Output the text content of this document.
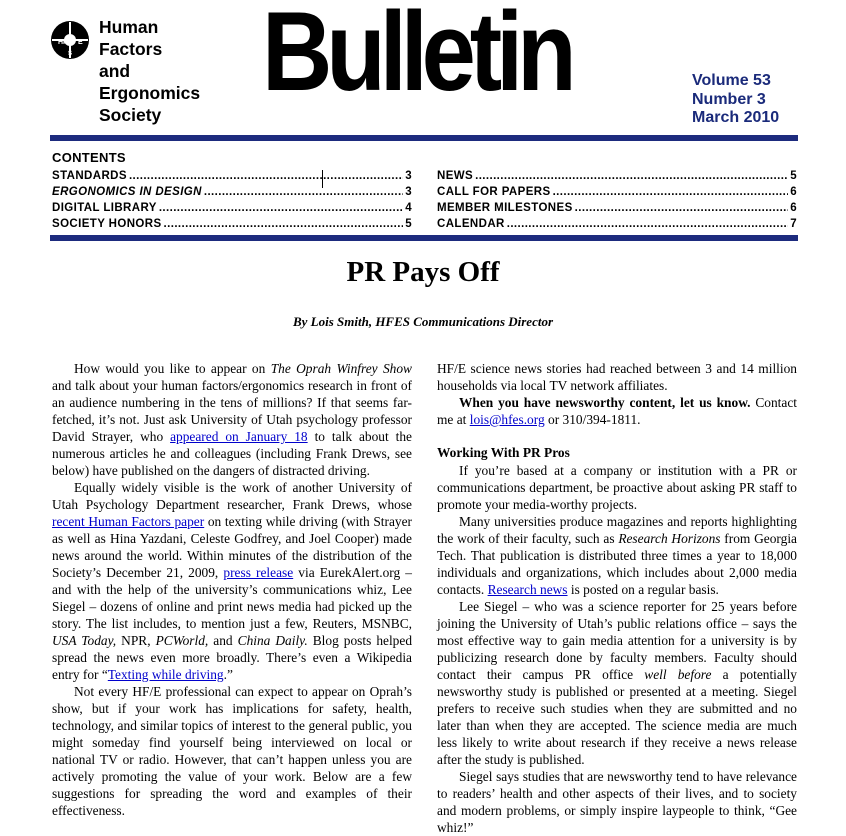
HF E
S
Human
Factors
and
Ergonomics
Society
Bulletin	Volume 53
Number 3
March 2010
CONTENTS
STANDARDS .....	3
ERGONOMICS IN DESIGN .....	3
DIGITAL LIBRARY .....	4
SOCIETY HONORS .....	5
NEWS .....	5
CALL FOR PAPERS .....	6
MEMBER MILESTONES .....	6
CALENDAR .....	7
PR Pays Off
By Lois Smith, HFES Communications Director

How would you like to appear on The Oprah Winfrey Show and talk about your human factors/ergonomics research in front of an audience numbering in the tens of millions? If that seems far-fetched, it’s not. Just ask University of Utah psychology professor David Strayer, who appeared on January 18 to talk about the numerous articles he and colleagues (including Frank Drews, see below) have published on the dangers of distracted driving.

Equally widely visible is the work of another University of Utah Psychology Department researcher, Frank Drews, whose recent Human Factors paper on texting while driving (with Strayer as well as Hina Yazdani, Celeste Godfrey, and Joel Cooper) made news around the world. Within minutes of the distribution of the Society’s December 21, 2009, press release via EurekAlert.org – and with the help of the university’s communications whiz, Lee Siegel – dozens of online and print news media had picked up the story. The list includes, to mention just a few, Reuters, MSNBC, USA Today, NPR, PCWorld, and China Daily. Blog posts helped spread the news even more broadly. There’s even a Wikipedia entry for “Texting while driving.”

Not every HF/E professional can expect to appear on Oprah’s show, but if your work has implications for safety, health, technology, and similar topics of interest to the general public, you might someday find yourself being interviewed on local or national TV or radio. However, that can’t happen unless you are actively promoting the value of your work. Below are a few suggestions for spreading the word and examples of their effectiveness.

HF/E science news stories had reached between 3 and 14 million households via local TV network affiliates.

When you have newsworthy content, let us know. Contact me at lois@hfes.org or 310/394-1811.

Working With PR Pros

If you’re based at a company or institution with a PR or communications department, be proactive about asking PR staff to promote your media-worthy projects.

Many universities produce magazines and reports highlighting the work of their faculty, such as Research Horizons from Georgia Tech. That publication is distributed three times a year to 18,000 individuals and organizations, which includes about 2,000 media contacts. Research news is posted on a regular basis.

Lee Siegel – who was a science reporter for 25 years before joining the University of Utah’s public relations office – says the most effective way to gain media attention for a university is by publicizing research done by faculty members. Faculty should contact their campus PR office well before a potentially newsworthy study is published or presented at a meeting. Siegel prefers to receive such studies when they are submitted and no later than when they are accepted. The science media are much less likely to write about research if they receive a news release after the study is published.

Siegel says studies that are newsworthy tend to have relevance to readers’ health and other aspects of their lives, and to society and modern problems, or simply inspire laypeople to think, “Gee whiz!”
